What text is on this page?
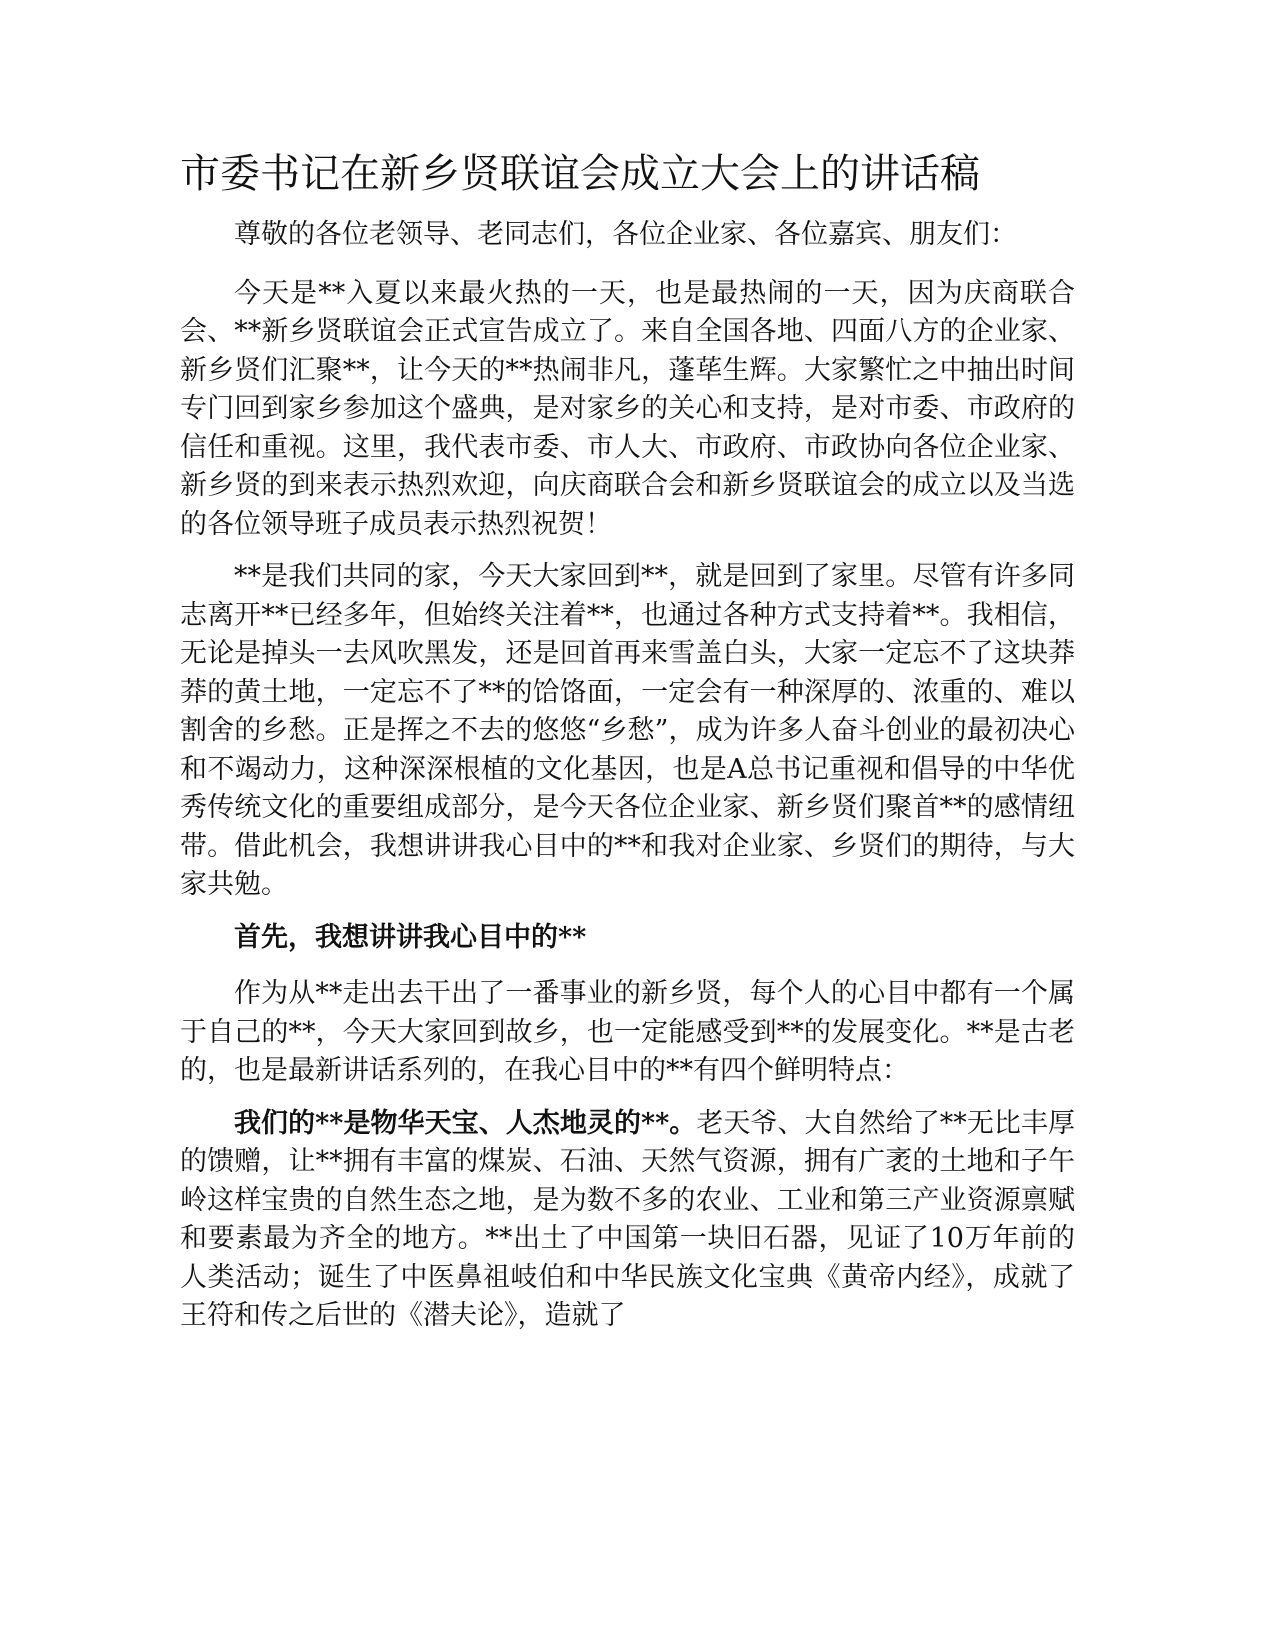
市委书记在新乡贤联谊会成立大会上的讲话稿

尊敬的各位老领导、老同志们，各位企业家、各位嘉宾、朋友们：

今天是**入夏以来最火热的一天，也是最热闹的一天，因为庆商联合会、**新乡贤联谊会正式宣告成立了。来自全国各地、四面八方的企业家、新乡贤们汇聚**，让今天的**热闹非凡，蓬荜生辉。大家繁忙之中抽出时间专门回到家乡参加这个盛典，是对家乡的关心和支持，是对市委、市政府的信任和重视。这里，我代表市委、市人大、市政府、市政协向各位企业家、新乡贤的到来表示热烈欢迎，向庆商联合会和新乡贤联谊会的成立以及当选的各位领导班子成员表示热烈祝贺！

**是我们共同的家，今天大家回到**，就是回到了家里。尽管有许多同志离开**已经多年，但始终关注着**，也通过各种方式支持着**。我相信，无论是掉头一去风吹黑发，还是回首再来雪盖白头，大家一定忘不了这块莽莽的黄土地，一定忘不了**的饸饹面，一定会有一种深厚的、浓重的、难以割舍的乡愁。正是挥之不去的悠悠“乡愁”，成为许多人奋斗创业的最初决心和不竭动力，这种深深根植的文化基因，也是A总书记重视和倡导的中华优秀传统文化的重要组成部分，是今天各位企业家、新乡贤们聚首**的感情纽带。借此机会，我想讲讲我心目中的**和我对企业家、乡贤们的期待，与大家共勉。

首先，我想讲讲我心目中的**

作为从**走出去干出了一番事业的新乡贤，每个人的心目中都有一个属于自己的**，今天大家回到故乡，也一定能感受到**的发展变化。**是古老的，也是最新讲话系列的，在我心目中的**有四个鲜明特点：

我们的**是物华天宝、人杰地灵的**。老天爷、大自然给了**无比丰厚的馈赠，让**拥有丰富的煤炭、石油、天然气资源，拥有广袤的土地和子午岭这样宝贵的自然生态之地，是为数不多的农业、工业和第三产业资源禀赋和要素最为齐全的地方。**出土了中国第一块旧石器，见证了10万年前的人类活动；诞生了中医鼻祖岐伯和中华民族文化宝典《黄帝内经》，成就了王符和传之后世的《潜夫论》，造就了
